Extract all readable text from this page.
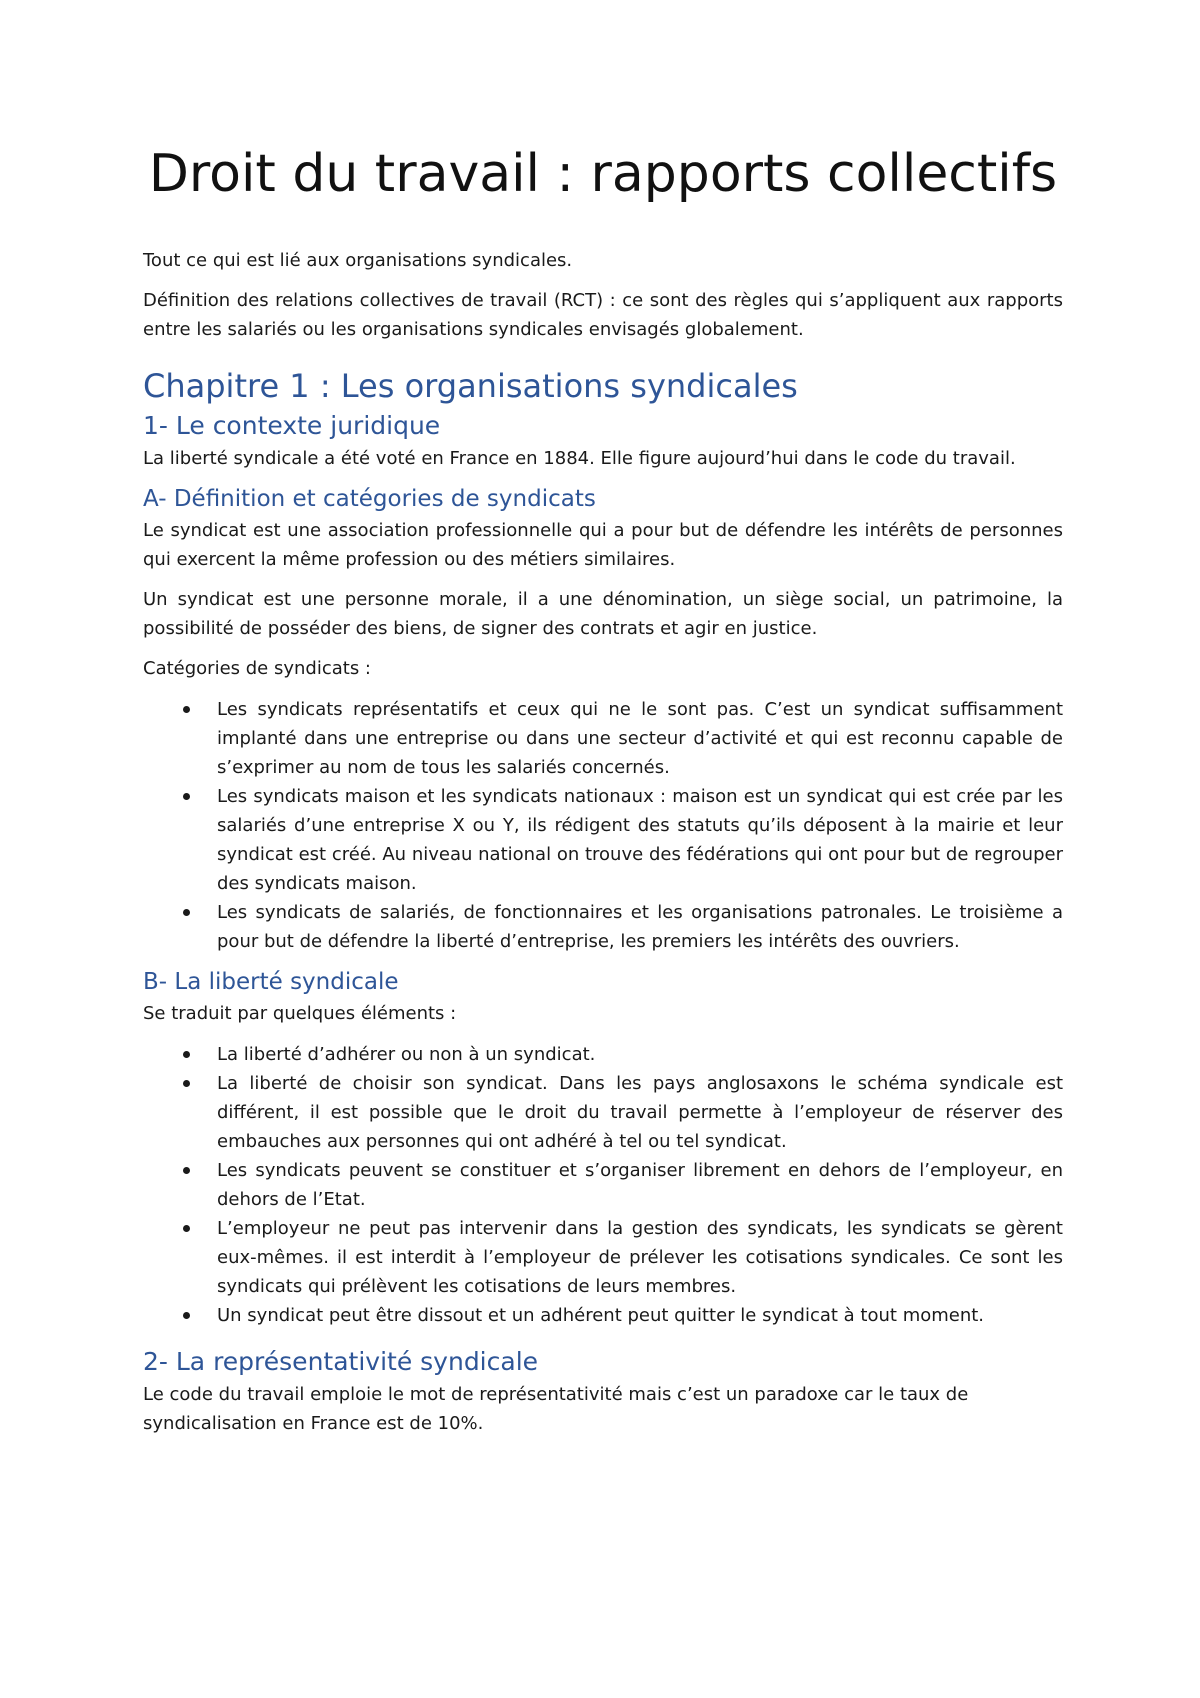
Droit du travail : rapports collectifs

Tout ce qui est lié aux organisations syndicales.

Définition des relations collectives de travail (RCT) : ce sont des règles qui s’appliquent aux rapports entre les salariés ou les organisations syndicales envisagés globalement.

Chapitre 1 : Les organisations syndicales
1- Le contexte juridique

La liberté syndicale a été voté en France en 1884. Elle figure aujourd’hui dans le code du travail.

A- Définition et catégories de syndicats

Le syndicat est une association professionnelle qui a pour but de défendre les intérêts de personnes qui exercent la même profession ou des métiers similaires.

Un syndicat est une personne morale, il a une dénomination, un siège social, un patrimoine, la possibilité de posséder des biens, de signer des contrats et agir en justice.

Catégories de syndicats :

Les syndicats représentatifs et ceux qui ne le sont pas. C’est un syndicat suffisamment implanté dans une entreprise ou dans une secteur d’activité et qui est reconnu capable de s’exprimer au nom de tous les salariés concernés.
Les syndicats maison et les syndicats nationaux : maison est un syndicat qui est crée par les salariés d’une entreprise X ou Y, ils rédigent des statuts qu’ils déposent à la mairie et leur syndicat est créé. Au niveau national on trouve des fédérations qui ont pour but de regrouper des syndicats maison.
Les syndicats de salariés, de fonctionnaires et les organisations patronales. Le troisième a pour but de défendre la liberté d’entreprise, les premiers les intérêts des ouvriers.
B- La liberté syndicale

Se traduit par quelques éléments :

La liberté d’adhérer ou non à un syndicat.
La liberté de choisir son syndicat. Dans les pays anglosaxons le schéma syndicale est différent, il est possible que le droit du travail permette à l’employeur de réserver des embauches aux personnes qui ont adhéré à tel ou tel syndicat.
Les syndicats peuvent se constituer et s’organiser librement en dehors de l’employeur, en dehors de l’Etat.
L’employeur ne peut pas intervenir dans la gestion des syndicats, les syndicats se gèrent eux-mêmes. il est interdit à l’employeur de prélever les cotisations syndicales. Ce sont les syndicats qui prélèvent les cotisations de leurs membres.
Un syndicat peut être dissout et un adhérent peut quitter le syndicat à tout moment.
2- La représentativité syndicale

Le code du travail emploie le mot de représentativité mais c’est un paradoxe car le taux de syndicalisation en France est de 10%.
